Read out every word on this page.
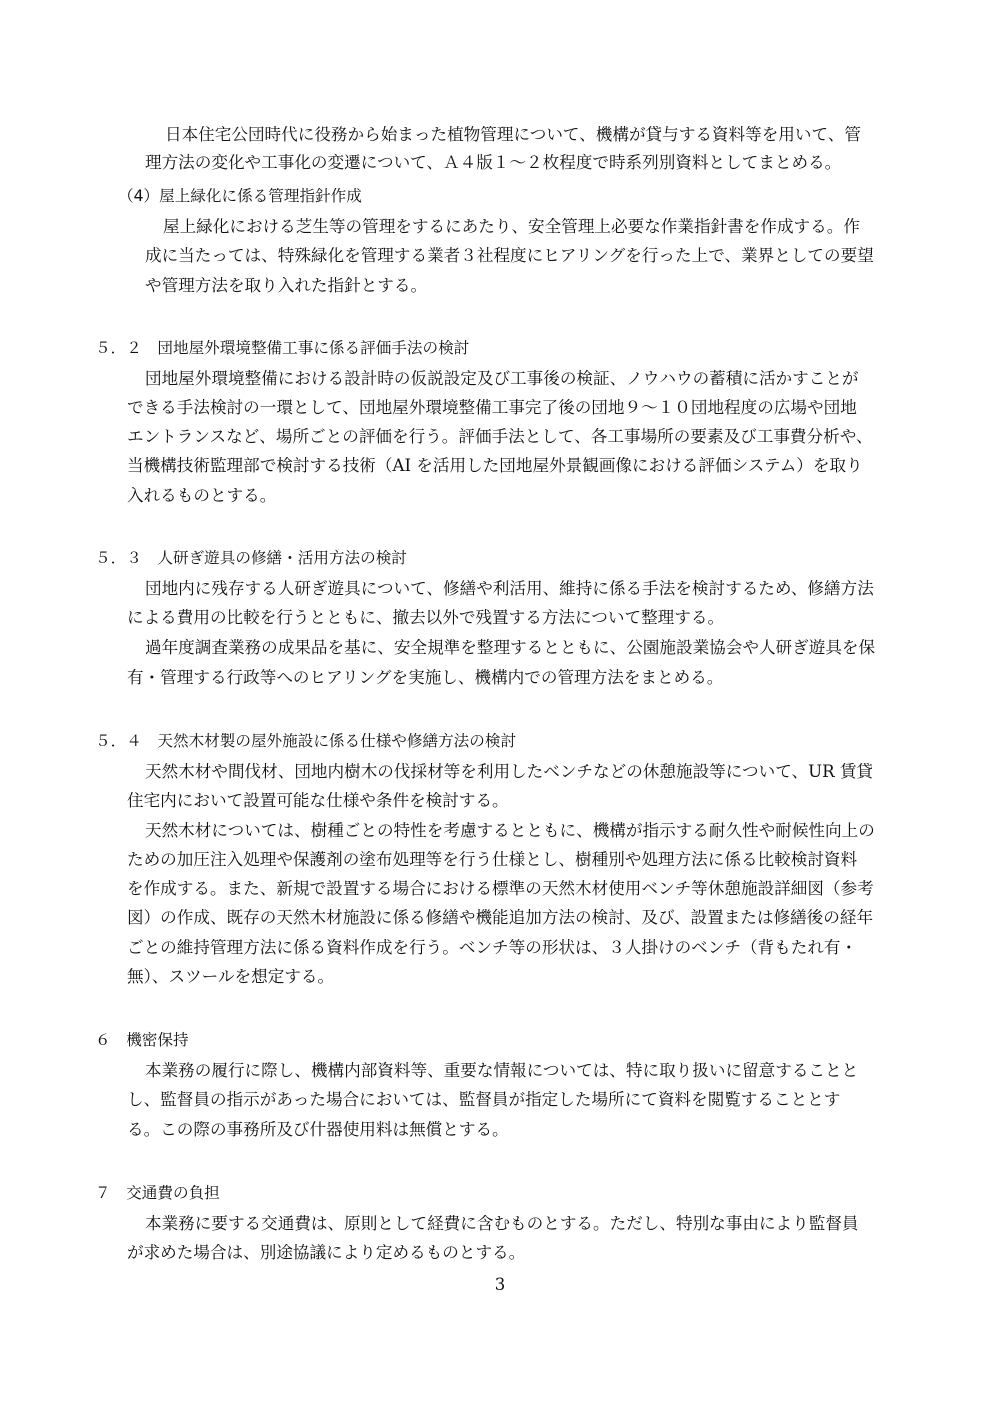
日本住宅公団時代に役務から始まった植物管理について、機構が貸与する資料等を用いて、管
理方法の変化や工事化の変遷について、Ａ４版１～２枚程度で時系列別資料としてまとめる。
（4）屋上緑化に係る管理指針作成
屋上緑化における芝生等の管理をするにあたり、安全管理上必要な作業指針書を作成する。作
成に当たっては、特殊緑化を管理する業者３社程度にヒアリングを行った上で、業界としての要望
や管理方法を取り入れた指針とする。
５．２　団地屋外環境整備工事に係る評価手法の検討
団地屋外環境整備における設計時の仮説設定及び工事後の検証、ノウハウの蓄積に活かすことが
できる手法検討の一環として、団地屋外環境整備工事完了後の団地９～１０団地程度の広場や団地
エントランスなど、場所ごとの評価を行う。評価手法として、各工事場所の要素及び工事費分析や、
当機構技術監理部で検討する技術（AI を活用した団地屋外景観画像における評価システム）を取り
入れるものとする。
５．３　人研ぎ遊具の修繕・活用方法の検討
団地内に残存する人研ぎ遊具について、修繕や利活用、維持に係る手法を検討するため、修繕方法
による費用の比較を行うとともに、撤去以外で残置する方法について整理する。
過年度調査業務の成果品を基に、安全規準を整理するとともに、公園施設業協会や人研ぎ遊具を保
有・管理する行政等へのヒアリングを実施し、機構内での管理方法をまとめる。
５．４　天然木材製の屋外施設に係る仕様や修繕方法の検討
天然木材や間伐材、団地内樹木の伐採材等を利用したベンチなどの休憩施設等について、UR 賃貸
住宅内において設置可能な仕様や条件を検討する。
天然木材については、樹種ごとの特性を考慮するとともに、機構が指示する耐久性や耐候性向上の
ための加圧注入処理や保護剤の塗布処理等を行う仕様とし、樹種別や処理方法に係る比較検討資料
を作成する。また、新規で設置する場合における標準の天然木材使用ベンチ等休憩施設詳細図（参考
図）の作成、既存の天然木材施設に係る修繕や機能追加方法の検討、及び、設置または修繕後の経年
ごとの維持管理方法に係る資料作成を行う。ベンチ等の形状は、３人掛けのベンチ（背もたれ有・
無）、スツールを想定する。
６　機密保持
本業務の履行に際し、機構内部資料等、重要な情報については、特に取り扱いに留意することと
し、監督員の指示があった場合においては、監督員が指定した場所にて資料を閲覧することとす
る。この際の事務所及び什器使用料は無償とする。
７　交通費の負担
本業務に要する交通費は、原則として経費に含むものとする。ただし、特別な事由により監督員
が求めた場合は、別途協議により定めるものとする。
3
